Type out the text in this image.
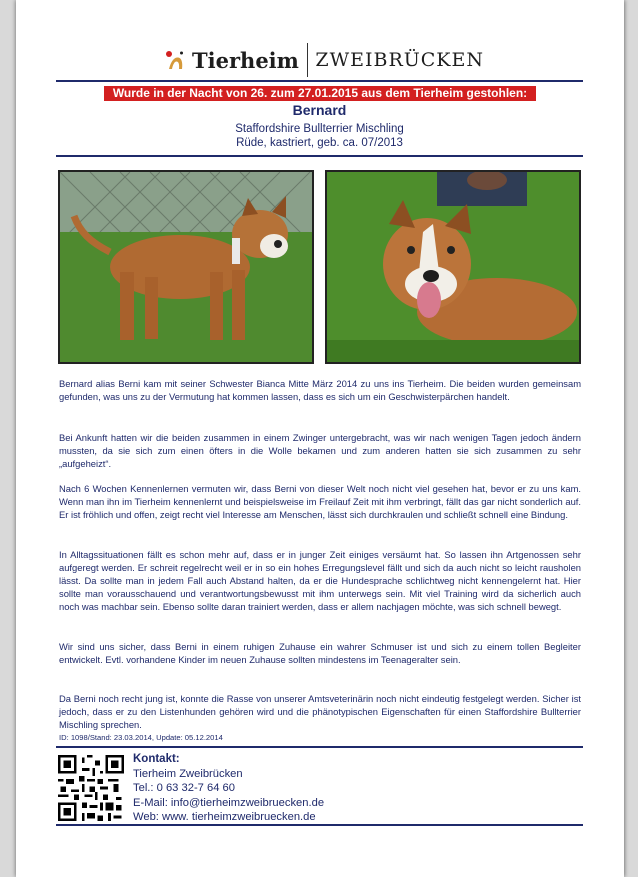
Tierheim ZWEIBRÜCKEN
Wurde in der Nacht von 26. zum 27.01.2015 aus dem Tierheim gestohlen:
Bernard
Staffordshire Bullterrier Mischling
Rüde, kastriert, geb. ca. 07/2013
Bernard alias Berni kam mit seiner Schwester Bianca Mitte März 2014 zu uns ins Tierheim. Die beiden wurden gemeinsam gefunden, was uns zu der Vermutung hat kommen lassen, dass es sich um ein Geschwisterpärchen handelt.
Bei Ankunft hatten wir die beiden zusammen in einem Zwinger untergebracht, was wir nach wenigen Tagen jedoch ändern mussten, da sie sich zum einen öfters in die Wolle bekamen und zum anderen hatten sie sich zusammen zu sehr „aufgeheizt“.
Nach 6 Wochen Kennenlernen vermuten wir, dass Berni von dieser Welt noch nicht viel gesehen hat, bevor er zu uns kam. Wenn man ihn im Tierheim kennenlernt und beispielsweise im Freilauf Zeit mit ihm verbringt, fällt das gar nicht sonderlich auf. Er ist fröhlich und offen, zeigt recht viel Interesse am Menschen, lässt sich durchkraulen und schließt schnell eine Bindung.
In Alltagssituationen fällt es schon mehr auf, dass er in junger Zeit einiges versäumt hat. So lassen ihn Artgenossen sehr aufgeregt werden. Er schreit regelrecht weil er in so ein hohes Erregungslevel fällt und sich da auch nicht so leicht rausholen lässt. Da sollte man in jedem Fall auch Abstand halten, da er die Hundesprache schlichtweg nicht kennengelernt hat. Hier sollte man vorausschauend und verantwortungsbewusst mit ihm unterwegs sein. Mit viel Training wird da sicherlich auch noch was machbar sein. Ebenso sollte daran trainiert werden, dass er allem nachjagen möchte, was sich schnell bewegt.
Wir sind uns sicher, dass Berni in einem ruhigen Zuhause ein wahrer Schmuser ist und sich zu einem tollen Begleiter entwickelt. Evtl. vorhandene Kinder im neuen Zuhause sollten mindestens im Teenageralter sein.
Da Berni noch recht jung ist, konnte die Rasse von unserer Amtsveterinärin noch nicht eindeutig festgelegt werden. Sicher ist jedoch, dass er zu den Listenhunden gehören wird und die phänotypischen Eigenschaften für einen Staffordshire Bullterrier Mischling sprechen.
ID: 1098/Stand: 23.03.2014, Update: 05.12.2014
Kontakt:
Tierheim Zweibrücken
Tel.: 0 63 32-7 64 60
E-Mail: info@tierheimzweibruecken.de
Web: www. tierheimzweibruecken.de
